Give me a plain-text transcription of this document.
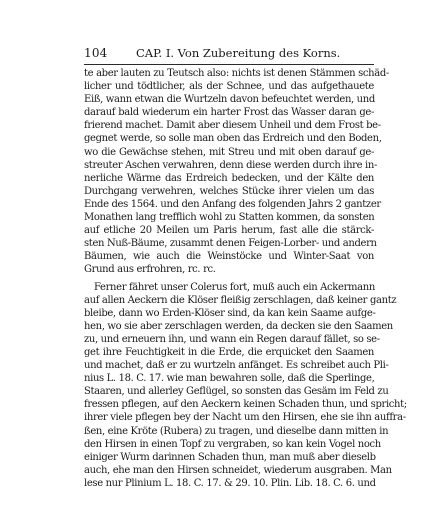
104 CAP. I. Von Zubereitung des Korns.
te aber lauten zu Teutsch also: nichts ist denen Stämmen schäd-
licher und tödtlicher, als der Schnee, und das aufgethauete
Eiß, wann etwan die Wurtzeln davon befeuchtet werden, und
darauf bald wiederum ein harter Frost das Wasser daran ge-
frierend machet. Damit aber diesem Unheil und dem Frost be-
gegnet werde, so solle man oben das Erdreich und den Boden,
wo die Gewächse stehen, mit Streu und mit oben darauf ge-
streuter Aschen verwahren, denn diese werden durch ihre in-
nerliche Wärme das Erdreich bedecken, und der Kälte den
Durchgang verwehren, welches Stücke ihrer vielen um das
Ende des 1564. und den Anfang des folgenden Jahrs 2 gantzer
Monathen lang trefflich wohl zu Statten kommen, da sonsten
auf etliche 20 Meilen um Paris herum, fast alle die stärck-
sten Nuß-Bäume, zusammt denen Feigen-Lorber- und andern
Bäumen, wie auch die Weinstöcke und Winter-Saat von
Grund aus erfrohren, rc. rc.
Ferner fähret unser Colerus fort, muß auch ein Ackermann
auf allen Aeckern die Klöser fleißig zerschlagen, daß keiner gantz
bleibe, dann wo Erden-Klöser sind, da kan kein Saame aufge-
hen, wo sie aber zerschlagen werden, da decken sie den Saamen
zu, und erneuern ihn, und wann ein Regen darauf fället, so se-
get ihre Feuchtigkeit in die Erde, die erquicket den Saamen
und machet, daß er zu wurtzeln anfänget. Es schreibet auch Pli-
nius L. 18. C. 17. wie man bewahren solle, daß die Sperlinge,
Staaren, und allerley Geflügel, so sonsten das Gesäm im Feld zu
fressen pflegen, auf den Aeckern keinen Schaden thun, und spricht;
ihrer viele pflegen bey der Nacht um den Hirsen, ehe sie ihn auffra-
ßen, eine Kröte (Rubera) zu tragen, und dieselbe dann mitten in
den Hirsen in einen Topf zu vergraben, so kan kein Vogel noch
einiger Wurm darinnen Schaden thun, man muß aber dieselb
auch, ehe man den Hirsen schneidet, wiederum ausgraben. Man
lese nur Plinium L. 18. C. 17. & 29. 10. Plin. Lib. 18. C. 6. und
